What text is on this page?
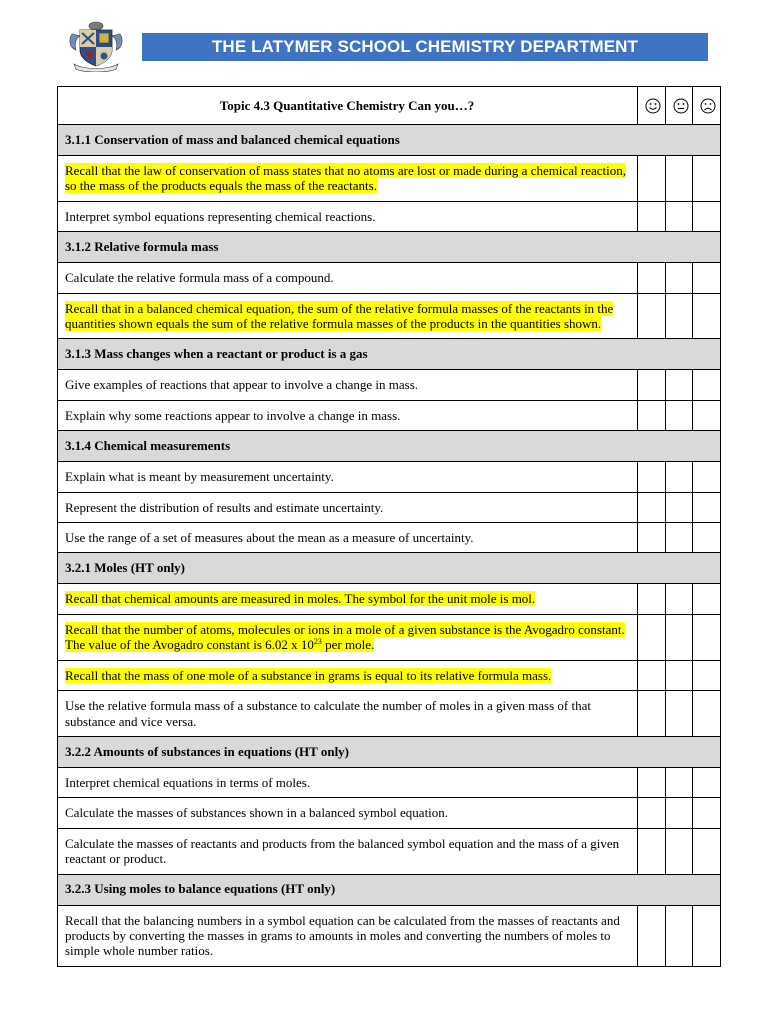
THE LATYMER SCHOOL CHEMISTRY DEPARTMENT
Topic 4.3 Quantitative Chemistry Can you…?	

3.1.1 Conservation of mass and balanced chemical equations			
Recall that the law of conservation of mass states that no atoms are lost or made during a chemical reaction, so the mass of the products equals the mass of the reactants.			
Interpret symbol equations representing chemical reactions.			
3.1.2 Relative formula mass			
Calculate the relative formula mass of a compound.			
Recall that in a balanced chemical equation, the sum of the relative formula masses of the reactants in the quantities shown equals the sum of the relative formula masses of the products in the quantities shown.			
3.1.3 Mass changes when a reactant or product is a gas			
Give examples of reactions that appear to involve a change in mass.			
Explain why some reactions appear to involve a change in mass.			
3.1.4 Chemical measurements			
Explain what is meant by measurement uncertainty.			
Represent the distribution of results and estimate uncertainty.			
Use the range of a set of measures about the mean as a measure of uncertainty.			
3.2.1 Moles (HT only)			
Recall that chemical amounts are measured in moles. The symbol for the unit mole is mol.			
Recall that the number of atoms, molecules or ions in a mole of a given substance is the Avogadro constant. The value of the Avogadro constant is 6.02 x $10^{23}$ per mole.			
Recall that the mass of one mole of a substance in grams is equal to its relative formula mass.			
Use the relative formula mass of a substance to calculate the number of moles in a given mass of that substance and vice versa.			
3.2.2 Amounts of substances in equations (HT only)			
Interpret chemical equations in terms of moles.			
Calculate the masses of substances shown in a balanced symbol equation.			
Calculate the masses of reactants and products from the balanced symbol equation and the mass of a given reactant or product.			
3.2.3 Using moles to balance equations (HT only)			
Recall that the balancing numbers in a symbol equation can be calculated from the masses of reactants and products by converting the masses in grams to amounts in moles and converting the numbers of moles to simple whole number ratios.			
